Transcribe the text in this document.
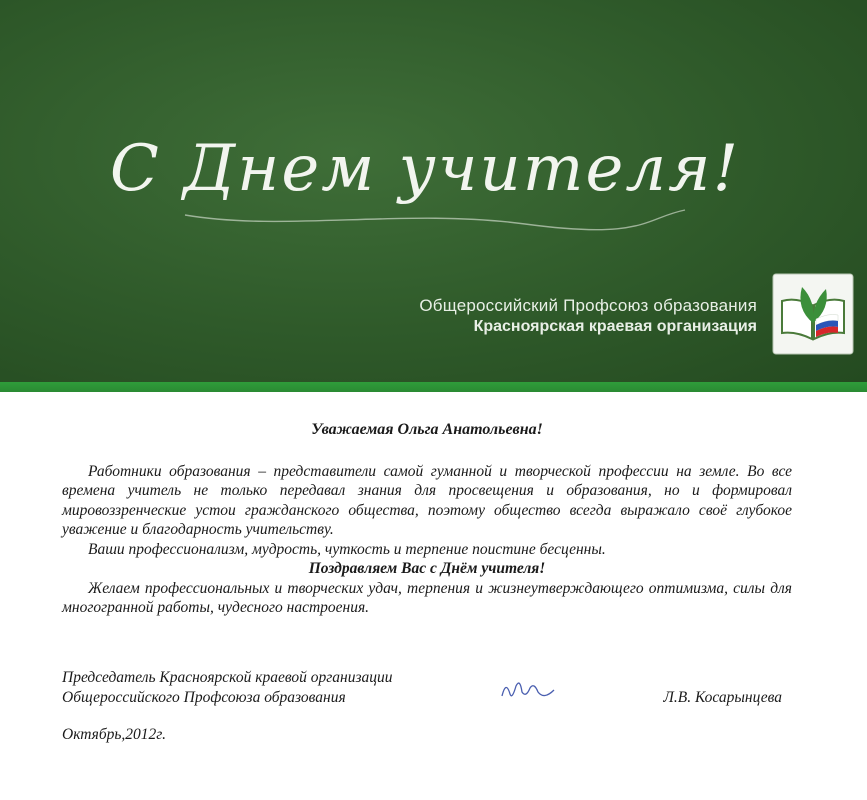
С Днем учителя!
Общероссийский Профсоюз образования
Красноярская краевая организация
Уважаемая Ольга Анатольевна!

Работники образования – представители самой гуманной и творческой профессии на земле. Во все времена учитель не только передавал знания для просвещения и образования, но и формировал мировоззренческие устои гражданского общества, поэтому общество всегда выражало своё глубокое уважение и благодарность учительству.

Ваши профессионализм, мудрость, чуткость и терпение поистине бесценны.

Поздравляем Вас с Днём учителя!

Желаем профессиональных и творческих удач, терпения и жизнеутверждающего оптимизма, силы для многогранной работы, чудесного настроения.

Председатель Красноярской краевой организации
Общероссийского Профсоюза образования	Л.В. Косарынцева
Октябрь,2012г.
